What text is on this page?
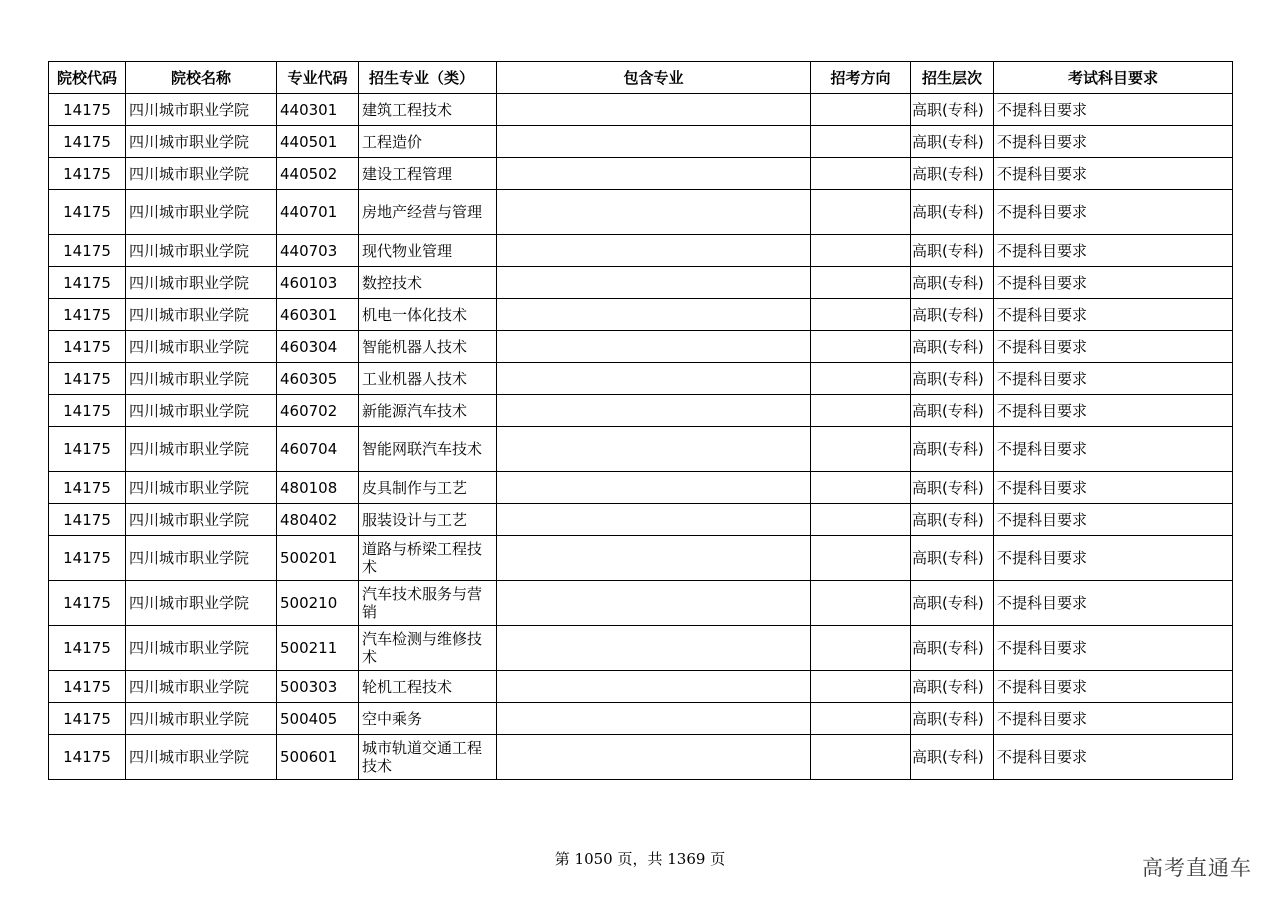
院校代码	院校名称	专业代码	招生专业（类）	包含专业	招考方向	招生层次	考试科目要求
14175	四川城市职业学院	440301	建筑工程技术			高职(专科)	不提科目要求
14175	四川城市职业学院	440501	工程造价			高职(专科)	不提科目要求
14175	四川城市职业学院	440502	建设工程管理			高职(专科)	不提科目要求
14175	四川城市职业学院	440701	房地产经营与管理			高职(专科)	不提科目要求
14175	四川城市职业学院	440703	现代物业管理			高职(专科)	不提科目要求
14175	四川城市职业学院	460103	数控技术			高职(专科)	不提科目要求
14175	四川城市职业学院	460301	机电一体化技术			高职(专科)	不提科目要求
14175	四川城市职业学院	460304	智能机器人技术			高职(专科)	不提科目要求
14175	四川城市职业学院	460305	工业机器人技术			高职(专科)	不提科目要求
14175	四川城市职业学院	460702	新能源汽车技术			高职(专科)	不提科目要求
14175	四川城市职业学院	460704	智能网联汽车技术			高职(专科)	不提科目要求
14175	四川城市职业学院	480108	皮具制作与工艺			高职(专科)	不提科目要求
14175	四川城市职业学院	480402	服装设计与工艺			高职(专科)	不提科目要求
14175	四川城市职业学院	500201	道路与桥梁工程技术			高职(专科)	不提科目要求
14175	四川城市职业学院	500210	汽车技术服务与营销			高职(专科)	不提科目要求
14175	四川城市职业学院	500211	汽车检测与维修技术			高职(专科)	不提科目要求
14175	四川城市职业学院	500303	轮机工程技术			高职(专科)	不提科目要求
14175	四川城市职业学院	500405	空中乘务			高职(专科)	不提科目要求
14175	四川城市职业学院	500601	城市轨道交通工程技术			高职(专科)	不提科目要求
第 1050 页，共 1369 页	高考直通车
